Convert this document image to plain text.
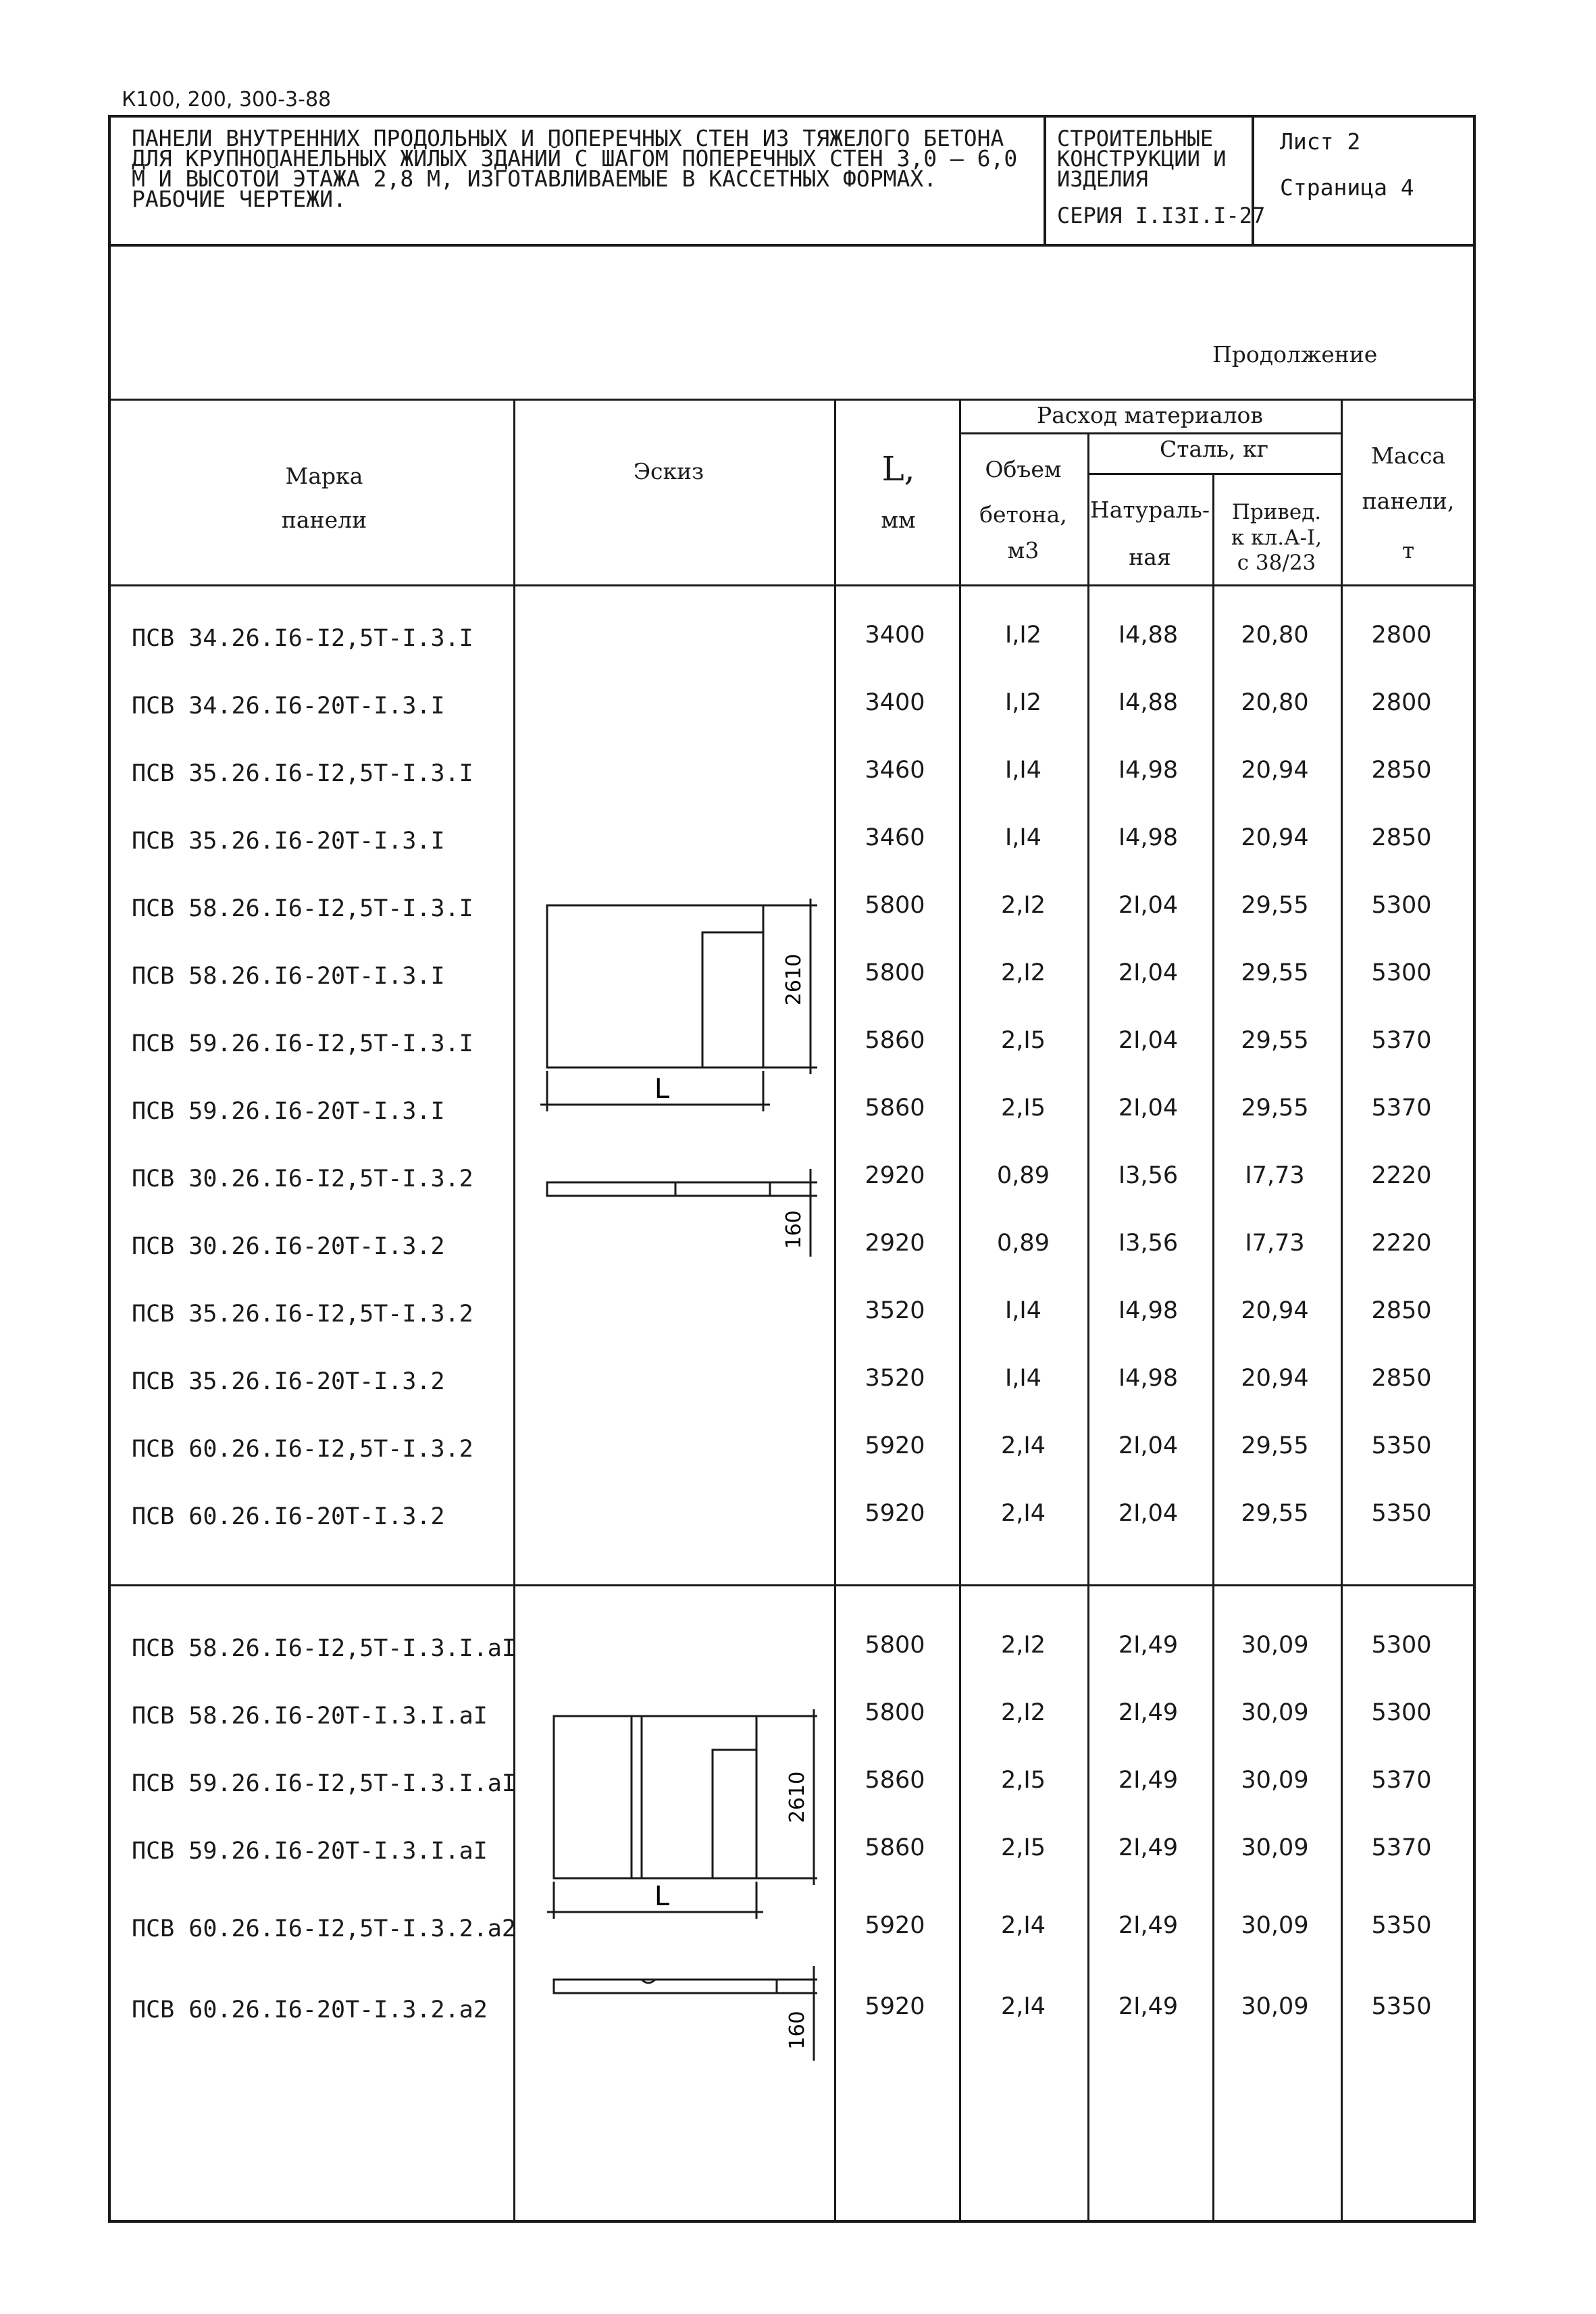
К100, 200, 300-3-88
ПАНЕЛИ ВНУТРЕННИХ ПРОДОЛЬНЫХ И ПОПЕРЕЧНЫХ СТЕН ИЗ ТЯЖЕЛОГО БЕТОНА ДЛЯ КРУПНОПАНЕЛЬНЫХ ЖИЛЫХ ЗДАНИЙ С ШАГОМ ПОПЕРЕЧНЫХ СТЕН 3,0 – 6,0 М И ВЫСОТОЙ ЭТАЖА 2,8 М, ИЗГОТАВЛИВАЕМЫЕ В КАССЕТНЫХ ФОРМАХ. РАБОЧИЕ ЧЕРТЕЖИ.
СТРОИТЕЛЬНЫЕ КОНСТРУКЦИИ И ИЗДЕЛИЯ
СЕРИЯ I.I3I.I-27
Лист 2
Страница 4
Продолжение
Марка
панели
Эскиз	L,
мм
Расход материалов
Объем
бетона,
м3
Сталь, кг
Натураль-
ная
Привед.
к кл.А-I,
с 38/23
Масса
панели,
т
ПСВ 34.26.I6-I2,5Т-I.3.I	3400	I,I2	I4,88	20,80	2800
ПСВ 34.26.I6-20Т-I.3.I	3400	I,I2	I4,88	20,80	2800
ПСВ 35.26.I6-I2,5Т-I.3.I	3460	I,I4	I4,98	20,94	2850
ПСВ 35.26.I6-20Т-I.3.I	3460	I,I4	I4,98	20,94	2850
ПСВ 58.26.I6-I2,5Т-I.3.I	5800	2,I2	2I,04	29,55	5300
ПСВ 58.26.I6-20Т-I.3.I	5800	2,I2	2I,04	29,55	5300
ПСВ 59.26.I6-I2,5Т-I.3.I	5860	2,I5	2I,04	29,55	5370
ПСВ 59.26.I6-20Т-I.3.I	5860	2,I5	2I,04	29,55	5370
ПСВ 30.26.I6-I2,5Т-I.3.2	2920	0,89	I3,56	I7,73	2220
ПСВ 30.26.I6-20Т-I.3.2	2920	0,89	I3,56	I7,73	2220
ПСВ 35.26.I6-I2,5Т-I.3.2	3520	I,I4	I4,98	20,94	2850
ПСВ 35.26.I6-20Т-I.3.2	3520	I,I4	I4,98	20,94	2850
ПСВ 60.26.I6-I2,5Т-I.3.2	5920	2,I4	2I,04	29,55	5350
ПСВ 60.26.I6-20Т-I.3.2	5920	2,I4	2I,04	29,55	5350
ПСВ 58.26.I6-I2,5Т-I.3.I.aI	5800	2,I2	2I,49	30,09	5300
ПСВ 58.26.I6-20Т-I.3.I.aI	5800	2,I2	2I,49	30,09	5300
ПСВ 59.26.I6-I2,5Т-I.3.I.aI	5860	2,I5	2I,49	30,09	5370
ПСВ 59.26.I6-20Т-I.3.I.aI	5860	2,I5	2I,49	30,09	5370
ПСВ 60.26.I6-I2,5Т-I.3.2.a2	5920	2,I4	2I,49	30,09	5350
ПСВ 60.26.I6-20Т-I.3.2.a2	5920	2,I4	2I,49	30,09	5350
2610
L
160
2610
L
160
